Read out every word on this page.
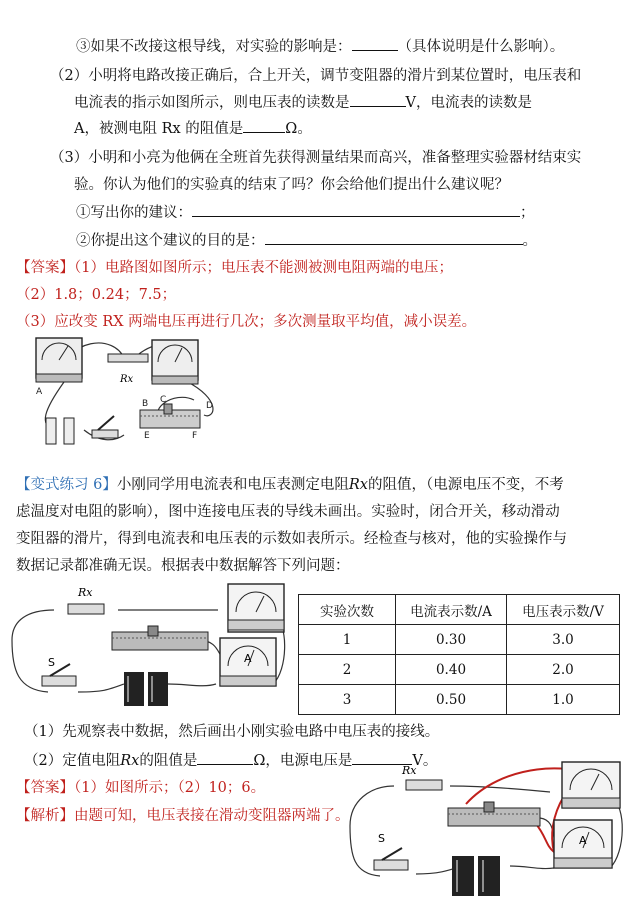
③如果不改接这根导线，对实验的影响是：	（具体说明是什么影响）。
（2）小明将电路改接正确后，合上开关，调节变阻器的滑片到某位置时，电压表和
电流表的指示如图所示，则电压表的读数是	V，电流表的读数是
A，被测电阻 Rx 的阻值是	Ω。
（3）小明和小亮为他俩在全班首先获得测量结果而高兴，准备整理实验器材结束实
验。你认为他们的实验真的结束了吗？你会给他们提出什么建议呢？
①写出你的建议：	；
②你提出这个建议的目的是：	。
【答案】（1）电路图如图所示；电压表不能测被测电阻两端的电压；
（2）1.8；0.24；7.5；
（3）应改变 RX 两端电压再进行几次；多次测量取平均值，减小误差。
Rx
A
B C
D
E	F
【变式练习 6】小刚同学用电流表和电压表测定电阻Rx的阻值，（电源电压不变，不考
虑温度对电阻的影响），图中连接电压表的导线未画出。实验时，闭合开关，移动滑动
变阻器的滑片，得到电流表和电压表的示数如表所示。经检查与核对，他的实验操作与
数据记录都准确无误。根据表中数据解答下列问题：
Rx
A
S
实验次数	电流表示数/A	电压表示数/V
1	0.30	3.0
2	0.40	2.0
3	0.50	1.0
（1）先观察表中数据，然后画出小刚实验电路中电压表的接线。
（2）定值电阻Rx的阻值是	Ω，电源电压是	V。
【答案】（1）如图所示；（2）10；6。
【解析】由题可知，电压表接在滑动变阻器两端了。
Rx
A
S
